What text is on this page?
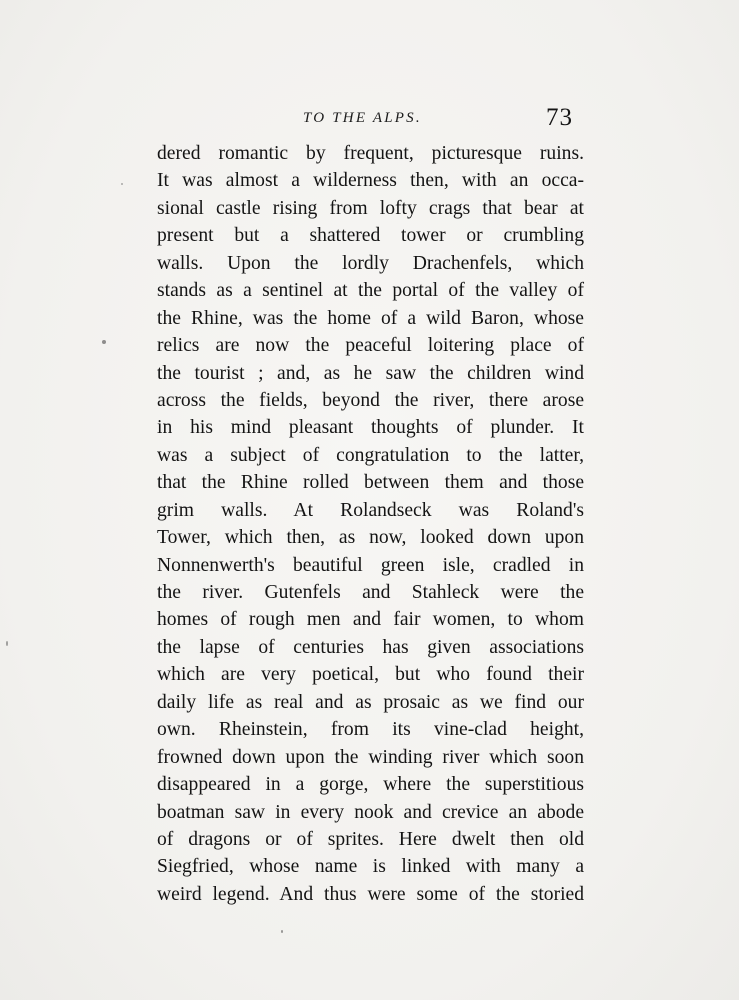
TO THE ALPS.	73
dered romantic by frequent, picturesque ruins.
It was almost a wilderness then, with an occa-
sional castle rising from lofty crags that bear at
present but a shattered tower or crumbling
walls. Upon the lordly Drachenfels, which
stands as a sentinel at the portal of the valley of
the Rhine, was the home of a wild Baron, whose
relics are now the peaceful loitering place of
the tourist ; and, as he saw the children wind
across the fields, beyond the river, there arose
in his mind pleasant thoughts of plunder. It
was a subject of congratulation to the latter,
that the Rhine rolled between them and those
grim walls. At Rolandseck was Roland's
Tower, which then, as now, looked down upon
Nonnenwerth's beautiful green isle, cradled in
the river. Gutenfels and Stahleck were the
homes of rough men and fair women, to whom
the lapse of centuries has given associations
which are very poetical, but who found their
daily life as real and as prosaic as we find our
own. Rheinstein, from its vine-clad height,
frowned down upon the winding river which soon
disappeared in a gorge, where the superstitious
boatman saw in every nook and crevice an abode
of dragons or of sprites. Here dwelt then old
Siegfried, whose name is linked with many a
weird legend. And thus were some of the storied
